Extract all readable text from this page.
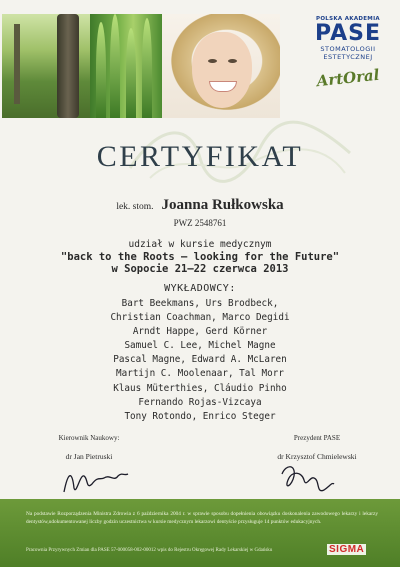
POLSKA AKADEMIA
PASE
STOMATOLOGII
ESTETYCZNEJ
ArtOral
CERTYFIKAT
lek. stom. Joanna Rułkowska
PWZ 2548761
udział w kursie medycznym
"back to the Roots – looking for the Future"
w Sopocie 21–22 czerwca 2013
WYKŁADOWCY:
Bart Beekmans, Urs Brodbeck,
Christian Coachman, Marco Degidi
Arndt Happe, Gerd Körner
Samuel C. Lee, Michel Magne
Pascal Magne, Edward A. McLaren
Martijn C. Moolenaar, Tal Morr
Klaus Müterthies, Cláudio Pinho
Fernando Rojas-Vizcaya
Tony Rotondo, Enrico Steger
Kierownik Naukowy:
dr Jan Pietruski
Prezydent PASE
dr Krzysztof Chmielewski
Na podstawie Rozporządzenia Ministra Zdrowia z 6 października 2004 r. w sprawie sposobu dopełnienia obowiązku doskonalenia zawodowego lekarzy i lekarzy dentystów,udokumentowanej liczby godzin uczestnictwa w kursie medycznym lekarzowi dentyście przysługuje 14 punktów edukacyjnych.
Pracownia Przyrywnych Zmian dla PASE 57-000058-002-00012 wpis do Rejestru Okręgowej Rady Lekarskiej w Gdańsku	SIGMA
